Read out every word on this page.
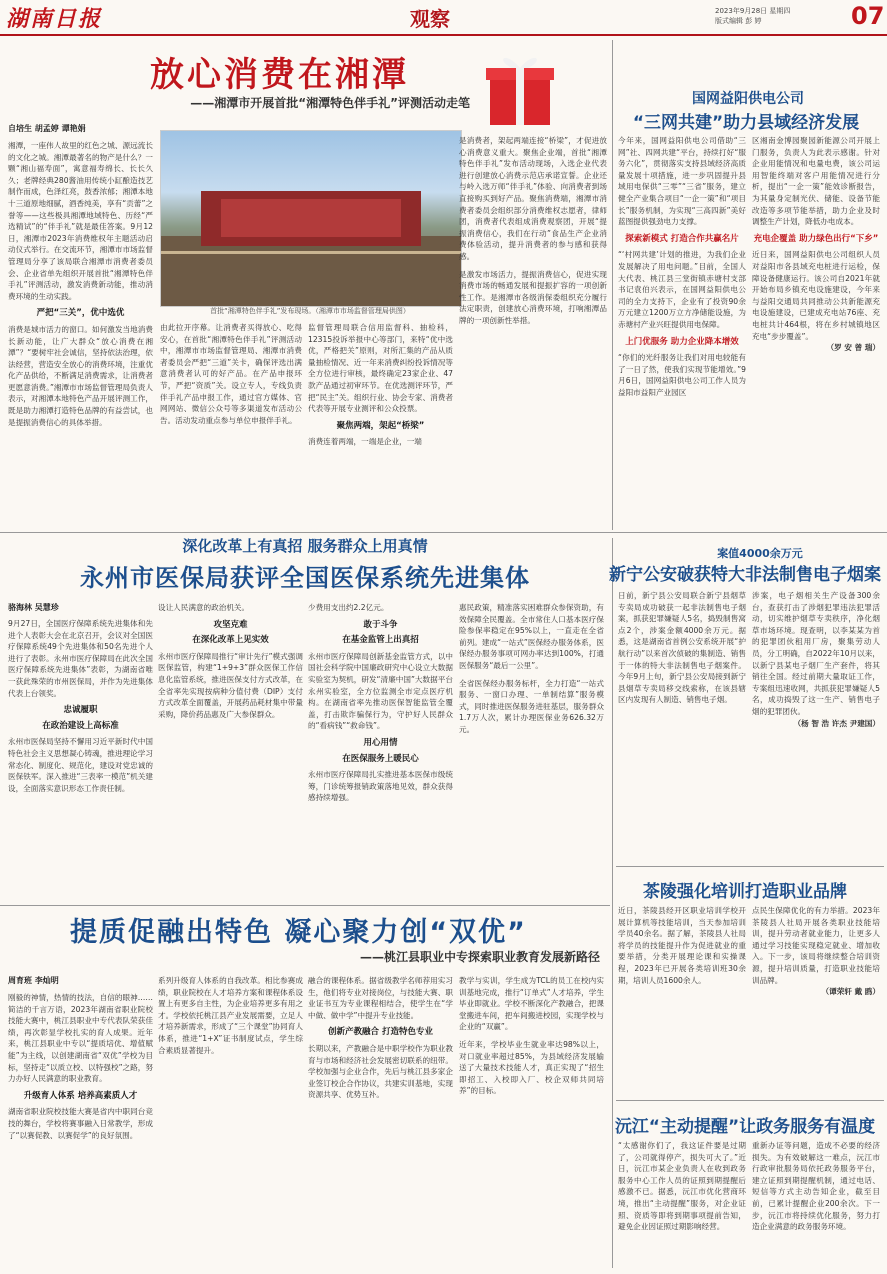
湖南日报	观察	2023年9月28日 星期四
版式编辑 彭 婷	07
放心消费在湘潭
——湘潭市开展首批“湘潭特色伴手礼”评测活动走笔
自培生 胡孟婷 谭艳娟
湘潭，一座伟人故里的红色之城、源远流长的文化之城。湘潭最著名的物产是什么？一颗“湘山福寿面”，寓意福寿绵长、长长久久；老牌经典280酱油用传统小缸酿造技艺制作而成，色泽红亮，鼓香浓郁；湘潭本地十三道原地细腻，酒香纯美，享有“贡蕾”之誉等——这些极具湘潭地域特色、历经“严选精试”的“伴手礼”就是最佳答案。9月12日，湘潭市2023年消费维权年主题活动启动仪式举行。在交流环节，湘潭市市场监督管理局分享了该局联合湘潭市消费者委员会、企业省单先组织开展首批“湘潭特色伴手礼”评测活动，激发消费新动能，推动消费环境的生动实践。
严把“三关”，优中选优
消费是城市活力的窗口。如何激发当地消费长新动能，让广大群众“放心消费在湘潭”？“要树牢社会诚信，坚持依法治理，依法经营，营造安全放心的消费环境，注重优化产品供给，不断满足消费需求，让消费者更愿意消费。”湘潭市市场监督管理局负责人表示，对湘潭本地特色产品开展评测工作，既是助力湘潭打造特色品牌的有益尝试，也是提振消费信心的具体举措。
首批“湘潭特色伴手礼”发布现场。（湘潭市市场监督管理局供图）
由此拉开序幕。让消费者买得放心、吃得安心，在首批“湘潭特色伴手礼”评测活动中，湘潭市市场监督管理局、湘潭市消费者委员会严把“三道”关卡，确保评选出满意消费者认可的好产品。在产品申报环节，严把“资质”关。设立专人，专线负责伴手礼产品申报工作，通过官方媒体、官网网站、微信公众号等多渠道发布活动公告。活动发动重点参与单位申报伴手礼。
监督管理局联合信用监督科、抽检科，12315投诉举报中心等部门，来特“优中选优，严格把关”原则，对所汇集的产品从质量抽检情况、近一年来消费纠纷投诉情况等全方位进行审核，最终确定23家企业、47款产品通过初审环节。在优选测评环节，严把“民主”关。组织行业、协会专家、消费者代表等开展专业测评和公众投票。
聚焦两端，架起“桥梁”
消费连着两端，一端是企业，一端
是消费者，架起两端连接“桥梁”，才促进放心消费意义重大。聚焦企业端，首批“湘潭特色伴手礼”发布活动现场，入选企业代表进行创建放心消费示范店承诺宣誓。企业还与岭入选万师“伴手礼”体验、向消费者到场直接购买到好产品。聚焦消费端，湘潭市消费者委员会组织部分消费维权志愿者，律师团，消费者代表组成消费观察团，开展“提振消费信心，我们在行动”食品生产企业消费体验活动，提升消费者的参与感和获得感。
是激发市场活力，提振消费信心，促进实现消费市场的畅通发展和提振扩容的一项创新性工作。是湘潭市各级消保委组织充分履行法定职责，创建放心消费环境，打响湘潭品牌的一项创新性举措。
国网益阳供电公司
“三网共建”助力县域经济发展
今年来，国网益阳供电公司借助“三网”社、四网共建“平台，持续打好“服务六化”，贯彻落实支持县域经济高质量发展十项措施，进一步巩固提升县域用电保供“三零”“三省”服务，建立健全产业集合项目“一企一策”和“项目长”服务机制，为实现“三高四新”美好蓝图提供强劲电力支撑。
探索新模式 打造合作共赢名片
“‘村网共建’计划的推进，为我们企业发展解决了用电问题。”目前，全国人大代表、桃江县三堂街镇赤塘村支部书记袁伯兴表示，在国网益阳供电公司的全力支持下，企业有了投资90余万元建立1200万立方净储能设施，为赤塘村产业兴旺提供用电保障。
上门优服务 助力企业降本增效
“你们的光纤服务让我们对用电较能有了一日了然，使我们实现节能增效。”9月6日，国网益阳供电公司工作人员为益阳市益阳产业园区
区湘南金博园聚园新能源公司开展上门服务，负责人为此表示感谢。针对企业用能情况和电量电费，该公司运用智能终端对客户用能情况进行分析，提出“一企一策”能效诊断报告，为其量身定制光伏、储能、设备节能改造等多项节能举措，助力企业及时调整生产计划，降低办电成本。
充电企覆盖 助力绿色出行“下乡”
近日来，国网益阳供电公司组织人员对益阳市各县域充电桩进行运检，保障设备健康运行。该公司自2021年就开始布局乡镇充电设施建设，今年来与益阳交通局共同推动公共新能源充电设施建设，已建成充电站76座、充电桩共计464根，将在乡村城镇地区充电“步步覆盖”。
（罗 安 曾 瑞）
深化改革上有真招 服务群众上用真情
永州市医保局获评全国医保系统先进集体
骆海林 吴慧珍
9月27日，全国医疗保障系统先进集体和先进个人表彰大会在北京召开，会议对全国医疗保障系统49个先进集体和50名先进个人进行了表彰。永州市医疗保障局在此次全国医疗保障系统先进集体”表彰，为湖南省唯一获此殊荣的市州医保局，并作为先进集体代表上台领奖。
忠诚履职
在政治建设上高标准
永州市医保局坚持不懈用习近平新时代中国特色社会主义思想凝心铸魂，推进理论学习常态化、制度化、规范化，建设对党忠诚的医保铁军。深入推进“三表率一模范”机关建设，全面落实意识形态工作责任制。
设让人民满意的政治机关。
攻坚克难
在深化改革上见实效
永州市医疗保障局推行“审计先行”模式强调医保监管，构建“1+9+3”群众医保工作信息化监管系统，推进医保支付方式改革，在全省率先实现按病种分值付费（DIP）支付方式改革全面覆盖，开展药品耗材集中带量采购，降价药品惠及广大参保群众。
少费用支出约2.2亿元。
敢于斗争
在基金监管上出真招
永州市医疗保障局创新基金监管方式，以中国社会科学院中国廉政研究中心设立大数据实验室为契机，研发“清廉中国”大数据平台永州实验室，全方位监测全市定点医疗机构。在湖南省率先推动医保智能监管全覆盖，打击欺诈骗保行为，守护好人民群众的“看病钱”“救命钱”。
用心用情
在医保服务上暖民心
永州市医疗保障局扎实推进基本医保市级统筹，门诊统筹报销政策落地见效，群众获得感持续增强。
惠民政策，精准落实困难群众参保资助，有效保障全民覆盖。全市常住人口基本医疗保险参保率稳定在95%以上，一直走在全省前列。建成“一站式”医保经办服务体系，医保经办服务事项可网办率达到100%，打通医保服务“最后一公里”。
全省医保经办服务标杆，全力打造“一站式服务、一窗口办理、一单制结算”服务模式，同时推进医保服务进驻基层，服务群众1.7万人次，累计办理医保业务626.32万元。
案值4000余万元
新宁公安破获特大非法制售电子烟案
日前，新宁县公安局联合新宁县烟草专卖局成功破获一起非法制售电子烟案，抓获犯罪嫌疑人5名，捣毁制售窝点2个，涉案金额4000余万元。据悉，这是湖南省首例公安系统开展“护航行动”以来首次侦破的集制造、销售于一体的特大非法制售电子烟案件。今年9月上旬，新宁县公安局接到新宁县烟草专卖局移交线索称，在该县辖区内发现有人制造、销售电子烟。
涉案，电子烟相关生产设备300余台，查获打击了涉烟犯罪违法犯罪活动，切实维护烟草专卖秩序，净化烟草市场环境。现查明，以李某某为首的犯罪团伙租用厂房，聚集劳动人员，分工明确，自2022年10月以来，以新宁县某电子烟厂生产套件，将其销往全国。经过前期大量取证工作，专案组迅速收网，共抓获犯罪嫌疑人5名，成功捣毁了这一生产、销售电子烟的犯罪团伙。
（杨 智 浩 许杰 尹建国）
茶陵强化培训打造职业品牌
近日，茶陵县经开区职业培训学校开展计算机等技能培训，当天参加培训学员40余名。据了解，茶陵县人社局将学员的技能提升作为促进就业的重要举措，分类开展理论课和实操课程，2023年已开展各类培训班30余期，培训人员1600余人。
点民生保障优化的有力举措。2023年茶陵县人社局开展各类职业技能培训，提升劳动者就业能力，让更多人通过学习技能实现稳定就业、增加收入。下一步，该局将继续整合培训资源，提升培训质量，打造职业技能培训品牌。
（谭荣轩 戴 鸥）
沅江“主动提醒”让政务服务有温度
“太感谢你们了，我这证件要是过期了，公司就得停产，损失可大了。”近日，沅江市某企业负责人在收到政务服务中心工作人员的证照到期提醒后感激不已。据悉，沅江市优化营商环境，推出“主动提醒”服务，对企业证照、资质等即将到期事项提前告知，避免企业因证照过期影响经营。
重新办证等问题，造成不必要的经济损失。为有效破解这一难点，沅江市行政审批服务局依托政务服务平台，建立证照到期提醒机制，通过电话、短信等方式主动告知企业，截至目前，已累计提醒企业200余次。下一步，沅江市将持续优化服务，努力打造企业满意的政务服务环境。
提质促融出特色 凝心聚力创“双优”
——桃江县职业中专探索职业教育发展新路径
周育班 李灿明
刚毅的神情，热情的技法，自信的眼神……简洁的千言万语，2023年湖南省职业院校技能大赛中，桃江县职业中专代表队荣获佳绩，再次彰显学校扎实的育人成果。近年来，桃江县职业中专以“提质培优、增值赋能”为主线，以创建湖南省“双优”学校为目标，坚持走“以质立校、以特强校”之路，努力办好人民满意的职业教育。
升级育人体系 培养高素质人才
湖南省职业院校技能大赛是省内中职同台竞技的舞台，学校将赛事融入日常教学，形成了“以赛促教、以赛促学”的良好氛围。
系列升级育人体系的自我改革。相比参赛成绩，职业院校在人才培养方案和课程体系设置上有更多自主性，为企业培养更多有用之才。学校依托桃江县产业发展需要，立足人才培养新需求，形成了“三个课堂”协同育人体系，推进“1+X”证书制度试点，学生综合素质显著提升。
融合的课程体系。据省级教学名师荐用实习生，他们将专业对接岗位，与技能大赛、职业证书互为专业课程相结合，使学生在“学中做、做中学”中提升专业技能。
创新产教融合 打造特色专业
长期以来，产教融合是中职学校作为职业教育与市场和经济社会发展密切联系的纽带。学校加强与企业合作，先后与桃江县多家企业签订校企合作协议，共建实训基地，实现资源共享、优势互补。
教学与实训，学生成为TCL的员工在校内实训基地完成，推行“订单式”人才培养，学生毕业即就业。学校不断深化产教融合，把课堂搬进车间，把车间搬进校园，实现学校与企业的“双赢”。
近年来，学校毕业生就业率达98%以上，对口就业率超过85%，为县域经济发展输送了大量技术技能人才，真正实现了“招生即招工、入校即入厂、校企双师共同培养”的目标。
